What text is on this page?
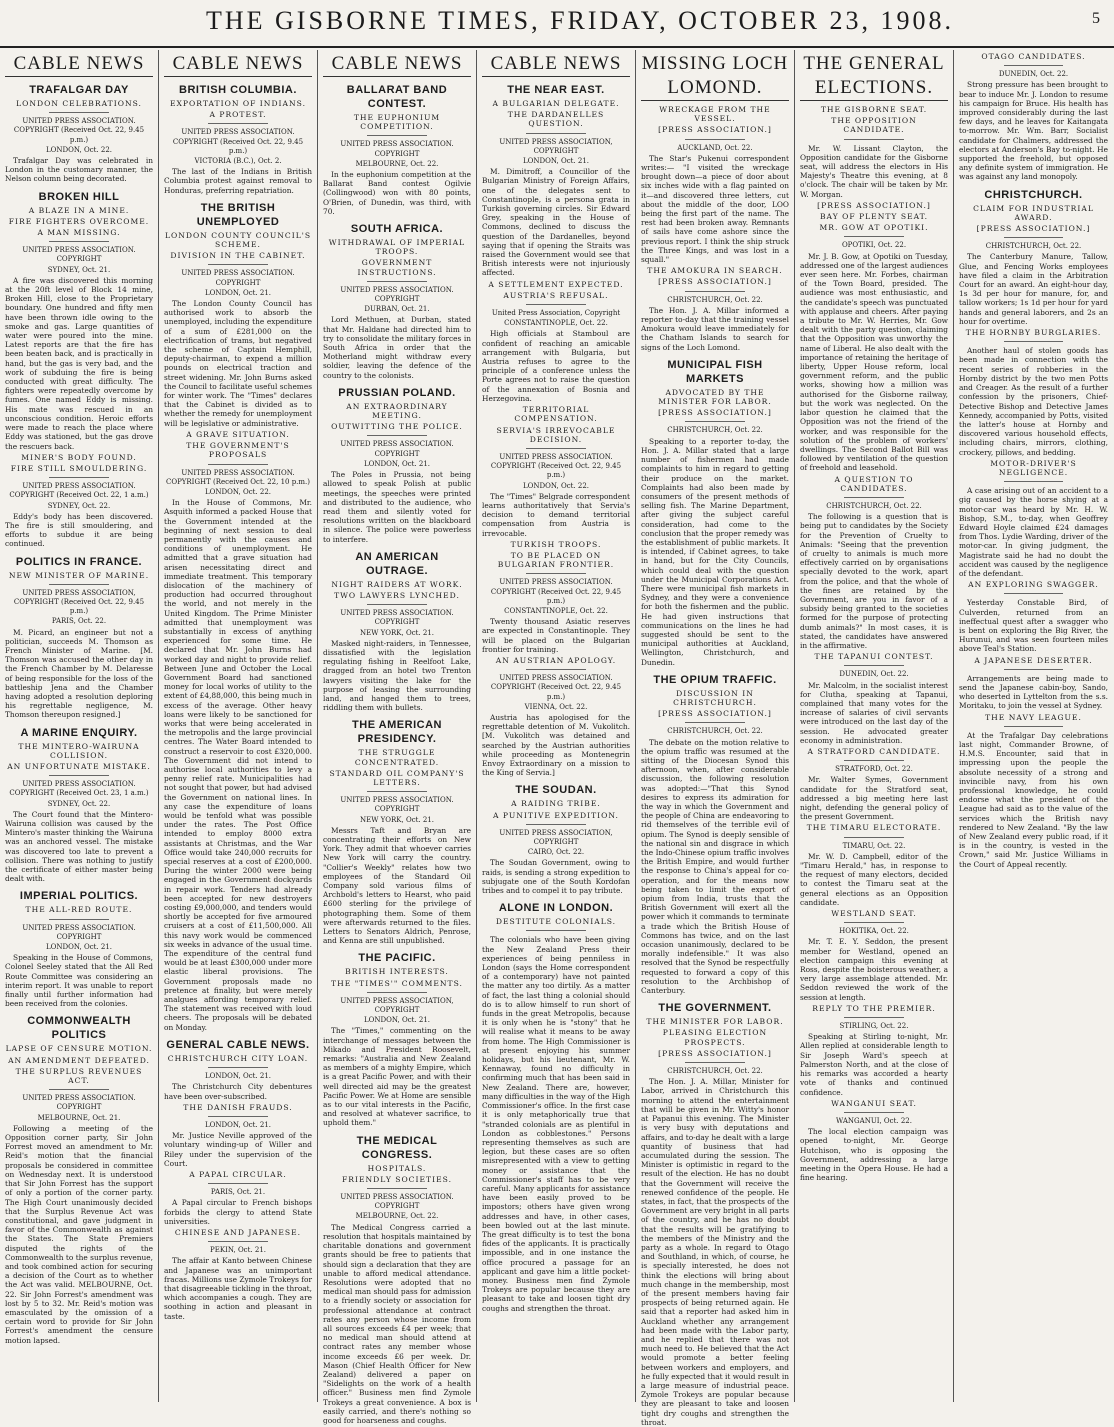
THE GISBORNE TIMES, FRIDAY, OCTOBER 23, 1908.	5
CABLE NEWS
TRAFALGAR DAY
LONDON CELEBRATIONS.
UNITED PRESS ASSOCIATION. COPYRIGHT (Received Oct. 22, 9.45 p.m.)
LONDON, Oct. 22.

Trafalgar Day was celebrated in London in the customary manner, the Nelson column being decorated.

BROKEN HILL
A BLAZE IN A MINE.
FIRE FIGHTERS OVERCOME.
A MAN MISSING.
UNITED PRESS ASSOCIATION. COPYRIGHT
SYDNEY, Oct. 21.

A fire was discovered this morning at the 20ft level of Block 14 mine, Broken Hill, close to the Proprietary boundary. One hundred and fifty men have been thrown idle owing to the smoke and gas. Large quantities of water were poured into the mine. Latest reports are that the fire has been beaten back, and is practically in hand, but the gas is very bad, and the work of subduing the fire is being conducted with great difficulty. The fighters were repeatedly overcome by fumes. One named Eddy is missing. His mate was rescued in an unconscious condition. Heroic efforts were made to reach the place where Eddy was stationed, but the gas drove the rescuers back.

MINER'S BODY FOUND.
FIRE STILL SMOULDERING.
UNITED PRESS ASSOCIATION. COPYRIGHT (Received Oct. 22, 1 a.m.)
SYDNEY, Oct. 22.

Eddy's body has been discovered. The fire is still smouldering, and efforts to subdue it are being continued.

POLITICS IN FRANCE.
NEW MINISTER OF MARINE.
UNITED PRESS ASSOCIATION, COPYRIGHT (Received Oct. 22, 9.45 p.m.)
PARIS, Oct. 22.

M. Picard, an engineer but not a politician, succeeds M. Thomson as French Minister of Marine. [M. Thomson was accused the other day in the French Chamber by M. Delaresse of being responsible for the loss of the battleship Jena and the Chamber having adopted a resolution deploring his regrettable negligence, M. Thomson thereupon resigned.]

A MARINE ENQUIRY.
THE MINTERO-WAIRUNA COLLISION.
AN UNFORTUNATE MISTAKE.
UNITED PRESS ASSOCIATION. COPYRIGHT (Received Oct. 23, 1 a.m.)
SYDNEY, Oct. 22.

The Court found that the Mintero-Wairuna collision was caused by the Mintero's master thinking the Wairuna was an anchored vessel. The mistake was discovered too late to prevent a collision. There was nothing to justify the certificate of either master being dealt with.

IMPERIAL POLITICS.
THE ALL-RED ROUTE.
UNITED PRESS ASSOCIATION. COPYRIGHT
LONDON, Oct. 21.

Speaking in the House of Commons, Colonel Seeley stated that the All Red Route Committee was considering an interim report. It was unable to report finally until further information had been received from the colonies.

COMMONWEALTH POLITICS
LAPSE OF CENSURE MOTION.
AN AMENDMENT DEFEATED.
THE SURPLUS REVENUES ACT.
UNITED PRESS ASSOCIATION. COPYRIGHT
MELBOURNE, Oct. 21.

Following a meeting of the Opposition corner party, Sir John Forrest moved an amendment to Mr. Reid's motion that the financial proposals be considered in committee on Wednesday next. It is understood that Sir John Forrest has the support of only a portion of the corner party. The High Court unanimously decided that the Surplus Revenue Act was constitutional, and gave judgment in favor of the Commonwealth as against the States. The State Premiers disputed the rights of the Commonwealth to the surplus revenue, and took combined action for securing a decision of the Court as to whether the Act was valid. MELBOURNE, Oct. 22. Sir John Forrest's amendment was lost by 5 to 32. Mr. Reid's motion was emasculated by the omission of a certain word to provide for Sir John Forrest's amendment the censure motion lapsed.

CABLE NEWS
BRITISH COLUMBIA.
EXPORTATION OF INDIANS.
A PROTEST.
UNITED PRESS ASSOCIATION. COPYRIGHT (Received Oct. 22, 9.45 p.m.)
VICTORIA (B.C.), Oct. 2.

The last of the Indians in British Columbia protest against removal to Honduras, preferring repatriation.

THE BRITISH UNEMPLOYED
LONDON COUNTY COUNCIL'S SCHEME.
DIVISION IN THE CABINET.
UNITED PRESS ASSOCIATION. COPYRIGHT
LONDON, Oct. 21.

The London County Council has authorised work to absorb the unemployed, including the expenditure of a sum of £281,000 on the electrification of trams, but negatived the scheme of Captain Hemphill, deputy-chairman, to expend a million pounds on electrical traction and street widening. Mr. John Burns asked the Council to facilitate useful schemes for winter work. The "Times" declares that the Cabinet is divided as to whether the remedy for unemployment will be legislative or administrative.

A GRAVE SITUATION.
THE GOVERNMENT'S PROPOSALS
UNITED PRESS ASSOCIATION. COPYRIGHT (Received Oct. 22, 10 p.m.)
LONDON, Oct. 22.

In the House of Commons, Mr. Asquith informed a packed House that the Government intended at the beginning of next session to deal permanently with the causes and conditions of unemployment. He admitted that a grave situation had arisen necessitating direct and immediate treatment. This temporary dislocation of the machinery of production had occurred throughout the world, and not merely in the United Kingdom. The Prime Minister admitted that unemployment was substantially in excess of anything experienced for some time. He declared that Mr. John Burns had worked day and night to provide relief. Between June and October the Local Government Board had sanctioned money for local works of utility to the extent of £4,88,000, this being much in excess of the average. Other heavy loans were likely to be sanctioned for works that were being accelerated in the metropolis and the large provincial centres. The Water Board intended to construct a reservoir to cost £320,000. The Government did not intend to authorise local authorities to levy a penny relief rate. Municipalities had not sought that power, but had advised the Government on national lines. In any case the expenditure of loans would be tenfold what was possible under the rates. The Post Office intended to employ 8000 extra assistants at Christmas, and the War Office would take 240,000 recruits for special reserves at a cost of £200,000. During the winter 2000 were being engaged in the Government dockyards in repair work. Tenders had already been accepted for new destroyers costing £9,000,000, and tenders would shortly be accepted for five armoured cruisers at a cost of £11,500,000. All this navy work would be commenced six weeks in advance of the usual time. The expenditure of the central fund would be at least £300,000 under more elastic liberal provisions. The Government proposals made no pretence at finality, but were merely analgues affording temporary relief. The statement was received with loud cheers. The proposals will be debated on Monday.

GENERAL CABLE NEWS.
CHRISTCHURCH CITY LOAN.
LONDON, Oct. 21.

The Christchurch City debentures have been over-subscribed.

THE DANISH FRAUDS.
LONDON, Oct. 21.

Mr. Justice Neville approved of the voluntary winding-up of Willer and Riley under the supervision of the Court.

A PAPAL CIRCULAR.
PARIS, Oct. 21.

A Papal circular to French bishops forbids the clergy to attend State universities.

CHINESE AND JAPANESE.
PEKIN, Oct. 21.

The affair at Kanto between Chinese and Japanese was an unimportant fracas. Millions use Zymole Trokeys for that disagreeable tickling in the throat, which accompanies a cough. They are soothing in action and pleasant in taste.

CABLE NEWS
BALLARAT BAND CONTEST.
THE EUPHONIUM COMPETITION.
UNITED PRESS ASSOCIATION. COPYRIGHT
MELBOURNE, Oct. 22.

In the euphonium competition at the Ballarat Band contest Ogilvie (Collingwood) won with 80 points, O'Brien, of Dunedin, was third, with 70.

SOUTH AFRICA.
WITHDRAWAL OF IMPERIAL TROOPS.
GOVERNMENT INSTRUCTIONS.
UNITED PRESS ASSOCIATION. COPYRIGHT
DURBAN, Oct. 21.

Lord Methuen, at Durban, stated that Mr. Haldane had directed him to try to consolidate the military forces in South Africa in order that the Motherland might withdraw every soldier, leaving the defence of the country to the colonists.

PRUSSIAN POLAND.
AN EXTRAORDINARY MEETING.
OUTWITTING THE POLICE.
UNITED PRESS ASSOCIATION. COPYRIGHT
LONDON, Oct. 21.

The Poles in Prussia, not being allowed to speak Polish at public meetings, the speeches were printed and distributed to the audience, who read them and silently voted for resolutions written on the blackboard in silence. The police were powerless to interfere.

AN AMERICAN OUTRAGE.
NIGHT RAIDERS AT WORK.
TWO LAWYERS LYNCHED.
UNITED PRESS ASSOCIATION. COPYRIGHT
NEW YORK, Oct. 21.

Masked night-raiders, in Tennessee, dissatisfied with the legislation regulating fishing in Reelfoot Lake, dragged from an hotel two Trenton lawyers visiting the lake for the purpose of leasing the surrounding land, and hanged them to trees, riddling them with bullets.

THE AMERICAN PRESIDENCY.
THE STRUGGLE CONCENTRATED.
STANDARD OIL COMPANY'S LETTERS.
UNITED PRESS ASSOCIATION. COPYRIGHT
NEW YORK, Oct. 21.

Messrs Taft and Bryan are concentrating their efforts on New York. They admit that whoever carries New York will carry the country. "Collier's Weekly" relates how two employees of the Standard Oil Company sold various films of Archbold's letters to Hearst, who paid £600 sterling for the privilege of photographing them. Some of them were afterwards returned to the files. Letters to Senators Aldrich, Penrose, and Kenna are still unpublished.

THE PACIFIC.
BRITISH INTERESTS.
THE "TIMES'" COMMENTS.
UNITED PRESS ASSOCIATION, COPYRIGHT
LONDON, Oct. 21.

The "Times," commenting on the interchange of messages between the Mikado and President Roosevelt, remarks: "Australia and New Zealand as members of a mighty Empire, which is a great Pacific Power, and with their well directed aid may be the greatest Pacific Power. We at Home are sensible as to our vital interests in the Pacific, and resolved at whatever sacrifice, to uphold them."

THE MEDICAL CONGRESS.
HOSPITALS.
FRIENDLY SOCIETIES.
UNITED PRESS ASSOCIATION. COPYRIGHT
MELBOURNE, Oct. 22.

The Medical Congress carried a resolution that hospitals maintained by charitable donations and government grants should be free to patients that should sign a declaration that they are unable to afford medical attendance. Resolutions were adopted that no medical man should pass for admission to a friendly society or association for professional attendance at contract rates any person whose income from all sources exceeds £4 per week; that no medical man should attend at contract rates any member whose income exceeds £6 per week. Dr. Mason (Chief Health Officer for New Zealand) delivered a paper on "Sidelights on the work of a health officer." Business men find Zymole Trokeys a great convenience. A box is easily carried, and there's nothing so good for hoarseness and coughs.

CABLE NEWS
THE NEAR EAST.
A BULGARIAN DELEGATE.
THE DARDANELLES QUESTION.
UNITED PRESS ASSOCIATION, COPYRIGHT
LONDON, Oct. 21.

M. Dimitroff, a Councillor of the Bulgarian Ministry of Foreign Affairs, one of the delegates sent to Constantinople, is a persona grata in Turkish governing circles. Sir Edward Grey, speaking in the House of Commons, declined to discuss the question of the Dardanelles, beyond saying that if opening the Straits was raised the Government would see that British interests were not injuriously affected.

A SETTLEMENT EXPECTED.
AUSTRIA'S REFUSAL.
United Press Association, Copyright
CONSTANTINOPLE, Oct. 22.

High officials at Stamboul are confident of reaching an amicable arrangement with Bulgaria, but Austria refuses to agree to the principle of a conference unless the Porte agrees not to raise the question of the annexation of Bosnia and Herzegovina.

TERRITORIAL COMPENSATION.
SERVIA'S IRREVOCABLE DECISION.
UNITED PRESS ASSOCIATION. COPYRIGHT (Received Oct. 22, 9.45 p.m.)
LONDON, Oct. 22.

The "Times" Belgrade correspondent learns authoritatively that Servia's decision to demand territorial compensation from Austria is irrevocable.

TURKISH TROOPS.
TO BE PLACED ON BULGARIAN FRONTIER.
UNITED PRESS ASSOCIATION. COPYRIGHT (Received Oct. 22, 9.45 p.m.)
CONSTANTINOPLE, Oct. 22.

Twenty thousand Asiatic reserves are expected in Constantinople. They will be placed on the Bulgarian frontier for training.

AN AUSTRIAN APOLOGY.
UNITED PRESS ASSOCIATION. COPYRIGHT (Received Oct. 22, 9.45 p.m.)
VIENNA, Oct. 22.

Austria has apologised for the regrettable detention of M. Vukolitch. [M. Vukolitch was detained and searched by the Austrian authorities while proceeding as Montenegrin Envoy Extraordinary on a mission to the King of Servia.]

THE SOUDAN.
A RAIDING TRIBE.
A PUNITIVE EXPEDITION.
UNITED PRESS ASSOCIATION, COPYRIGHT
CAIRO, Oct. 22.

The Soudan Government, owing to raids, is sending a strong expedition to subjugate one of the South Kordofan tribes and to compel it to pay tribute.

ALONE IN LONDON.
DESTITUTE COLONIALS.

The colonials who have been giving the New Zealand Press their experiences of being penniless in London (says the Home correspondent of a contemporary) have not painted the matter any too dirtily. As a matter of fact, the last thing a colonial should do is to allow himself to run short of funds in the great Metropolis, because it is only when he is "stony" that he will realise what it means to be away from home. The High Commissioner is at present enjoying his summer holidays, but his lieutenant, Mr. W. Kennaway, found no difficulty in confirming much that has been said in New Zealand. There are, however, many difficulties in the way of the High Commissioner's office. In the first case it is only metaphorically true that "stranded colonials are as plentiful in London as cobblestones." Persons representing themselves as such are legion, but these cases are so often misrepresented with a view to getting money or assistance that the Commissioner's staff has to be very careful. Many applicants for assistance have been easily proved to be impostors; others have given wrong addresses and have, in other cases, been bowled out at the last minute. The great difficulty is to test the bona fides of the applicants. It is practically impossible, and in one instance the office procured a passage for an applicant and gave him a little pocket-money. Business men find Zymole Trokeys are popular because they are pleasant to take and loosen tight dry coughs and strengthen the throat.

MISSING LOCH LOMOND.
WRECKAGE FROM THE VESSEL.
[PRESS ASSOCIATION.]
AUCKLAND, Oct. 22.

The Star's Pukenui correspondent writes:— "I visited the wreckage brought down—a piece of door about six inches wide with a flag painted on it—and discovered three letters, cut about the middle of the door, LOO being the first part of the name. The rest had been broken away. Remnants of sails have come ashore since the previous report. I think the ship struck the Three Kings, and was lost in a squall."

THE AMOKURA IN SEARCH.
[PRESS ASSOCIATION.]
CHRISTCHURCH, Oct. 22.

The Hon. J. A. Millar informed a reporter to-day that the training vessel Amokura would leave immediately for the Chatham Islands to search for signs of the Loch Lomond.

MUNICIPAL FISH MARKETS
ADVOCATED BY THE MINISTER FOR LABOR.
[PRESS ASSOCIATION.]
CHRISTCHURCH, Oct. 22.

Speaking to a reporter to-day, the Hon. J. A. Millar stated that a large number of fishermen had made complaints to him in regard to getting their produce on the market. Complaints had also been made by consumers of the present methods of selling fish. The Marine Department, after giving the subject careful consideration, had come to the conclusion that the proper remedy was the establishment of public markets. It is intended, if Cabinet agrees, to take in hand, but for the City Councils, which could deal with the question under the Municipal Corporations Act. There were municipal fish markets in Sydney, and they were a convenience for both the fishermen and the public. He had given instructions that communications on the lines he had suggested should be sent to the municipal authorities at Auckland, Wellington, Christchurch, and Dunedin.

THE OPIUM TRAFFIC.
DISCUSSION IN CHRISTCHURCH.
[PRESS ASSOCIATION.]
CHRISTCHURCH, Oct. 22.

The debate on the motion relative to the opium traffic was resumed at the sitting of the Diocesan Synod this afternoon, when, after considerable discussion, the following resolution was adopted:—"That this Synod desires to express its admiration for the way in which the Government and the people of China are endeavoring to rid themselves of the terrible evil of opium. The Synod is deeply sensible of the national sin and disgrace in which the Indo-Chinese opium traffic involves the British Empire, and would further the response to China's appeal for co-operation, and for the means now being taken to limit the export of opium from India, trusts that the British Government will exert all the power which it commands to terminate a trade which the British House of Commons has twice, and on the last occasion unanimously, declared to be morally indefensible." It was also resolved that the Synod be respectfully requested to forward a copy of this resolution to the Archbishop of Canterbury.

THE GOVERNMENT.
THE MINISTER FOR LABOR.
PLEASING ELECTION PROSPECTS.
[PRESS ASSOCIATION.]
CHRISTCHURCH, Oct. 22.

The Hon. J. A. Millar, Minister for Labor, arrived in Christchurch this morning to attend the entertainment that will be given in Mr. Witty's honor at Papanui this evening. The Minister is very busy with deputations and affairs, and to-day he dealt with a large quantity of business that had accumulated during the session. The Minister is optimistic in regard to the result of the election. He has no doubt that the Government will receive the renewed confidence of the people. He states, in fact, that the prospects of the Government are very bright in all parts of the country, and he has no doubt that the results will be gratifying to the members of the Ministry and the party as a whole. In regard to Otago and Southland, in which, of course, he is specially interested, he does not think the elections will bring about much change in the membership, most of the present members having fair prospects of being returned again. He said that a reporter had asked him in Auckland whether any arrangement had been made with the Labor party, and he replied that there was not much need to. He believed that the Act would promote a better feeling between workers and employers, and he fully expected that it would result in a large measure of industrial peace. Zymole Trokeys are popular because they are pleasant to take and loosen tight dry coughs and strengthen the throat.

THE GENERAL ELECTIONS.
THE GISBORNE SEAT.
THE OPPOSITION CANDIDATE.

Mr. W. Lissant Clayton, the Opposition candidate for the Gisborne seat, will address the electors in His Majesty's Theatre this evening, at 8 o'clock. The chair will be taken by Mr. W. Morgan.

[PRESS ASSOCIATION.]
BAY OF PLENTY SEAT.
MR. GOW AT OPOTIKI.
OPOTIKI, Oct. 22.

Mr. J. B. Gow, at Opotiki on Tuesday, addressed one of the largest audiences ever seen here. Mr. Forbes, chairman of the Town Board, presided. The audience was most enthusiastic, and the candidate's speech was punctuated with applause and cheers. After paying a tribute to Mr. W. Herries, Mr. Gow dealt with the party question, claiming that the Opposition was unworthy the name of Liberal. He also dealt with the importance of retaining the heritage of liberty, Upper House reform, local government reform, and the public works, showing how a million was authorised for the Gisborne railway, but the work was neglected. On the labor question he claimed that the Opposition was not the friend of the worker, and was responsible for the solution of the problem of workers' dwellings. The Second Ballot Bill was followed by ventilation of the question of freehold and leasehold.

A QUESTION TO CANDIDATES.
CHRISTCHURCH, Oct. 22.

The following is a question that is being put to candidates by the Society for the Prevention of Cruelty to Animals: "Seeing that the prevention of cruelty to animals is much more effectively carried on by organisations specially devoted to the work, apart from the police, and that the whole of the fines are retained by the Government, are you in favor of a subsidy being granted to the societies formed for the purpose of protecting dumb animals?" In most cases, it is stated, the candidates have answered in the affirmative.

THE TAPANUI CONTEST.
DUNEDIN, Oct. 22.

Mr. Malcolm, in the socialist interest for Clutha, speaking at Tapanui, complained that many votes for the increase of salaries of civil servants were introduced on the last day of the session. He advocated greater economy in administration.

A STRATFORD CANDIDATE.
STRATFORD, Oct. 22.

Mr. Walter Symes, Government candidate for the Stratford seat, addressed a big meeting here last night, defending the general policy of the present Government.

THE TIMARU ELECTORATE.
TIMARU, Oct. 22.

Mr. W. D. Campbell, editor of the "Timaru Herald," has, in response to the request of many electors, decided to contest the Timaru seat at the general elections as an Opposition candidate.

WESTLAND SEAT.
HOKITIKA, Oct. 22.

Mr. T. E. Y. Seddon, the present member for Westland, opened an election campaign this evening at Ross, despite the boisterous weather, a very large assemblage attended. Mr. Seddon reviewed the work of the session at length.

REPLY TO THE PREMIER.
STIRLING, Oct. 22.

Speaking at Stirling to-night, Mr. Allen replied at considerable length to Sir Joseph Ward's speech at Palmerston North, and at the close of his remarks was accorded a hearty vote of thanks and continued confidence.

WANGANUI SEAT.
WANGANUI, Oct. 22.

The local election campaign was opened to-night, Mr. George Hutchison, who is opposing the Government, addressing a large meeting in the Opera House. He had a fine hearing.

OTAGO CANDIDATES.
DUNEDIN, Oct. 22.

Strong pressure has been brought to bear to induce Mr. J. London to resume his campaign for Bruce. His health has improved considerably during the last few days, and he leaves for Kaitangata to-morrow. Mr. Wm. Barr, Socialist candidate for Chalmers, addressed the electors at Anderson's Bay to-night. He supported the freehold, but opposed any definite system of immigration. He was against any land monopoly.

CHRISTCHURCH.
CLAIM FOR INDUSTRIAL AWARD.
[PRESS ASSOCIATION.]
CHRISTCHURCH, Oct. 22.

The Canterbury Manure, Tallow, Glue, and Fencing Works employees have filed a claim in the Arbitration Court for an award. An eight-hour day, 1s 3d per hour for manure, for, and tallow workers; 1s 1d per hour for yard hands and general laborers, and 2s an hour for overtime.

THE HORNBY BURGLARIES.

Another haul of stolen goods has been made in connection with the recent series of robberies in the Hornby district by the two men Potts and Creager. As the result of a further confession by the prisoners, Chief-Detective Bishop and Detective James Kennedy, accompanied by Potts, visited the latter's house at Hornby and discovered various household effects, including chairs, mirrors, clothing, crockery, pillows, and bedding.

MOTOR-DRIVER'S NEGLIGENCE.

A case arising out of an accident to a gig caused by the horse shying at a motor-car was heard by Mr. H. W. Bishop, S.M., to-day, when Geoffrey Edward Hoyle claimed £24 damages from Thos. Lydie Warding, driver of the motor-car. In giving judgment, the Magistrate said he had no doubt the accident was caused by the negligence of the defendant.

AN EXPLORING SWAGGER.

Yesterday Constable Bird, of Culverden, returned from an ineffectual quest after a swagger who is bent on exploring the Big River, the Hurunui, and was seen fourteen miles above Teal's Station.

A JAPANESE DESERTER.

Arrangements are being made to send the Japanese cabin-boy, Sando, who deserted in Lyttelton from the s.s. Moritaku, to join the vessel at Sydney.

THE NAVY LEAGUE.

At the Trafalgar Day celebrations last night, Commander Browne, of H.M.S. Encounter, said that in impressing upon the people the absolute necessity of a strong and invincible navy, from his own professional knowledge, he could endorse what the president of the League had said as to the value of the services which the British navy rendered to New Zealand. "By the law of New Zealand every public road, if it is in the country, is vested in the Crown," said Mr. Justice Williams in the Court of Appeal recently.
